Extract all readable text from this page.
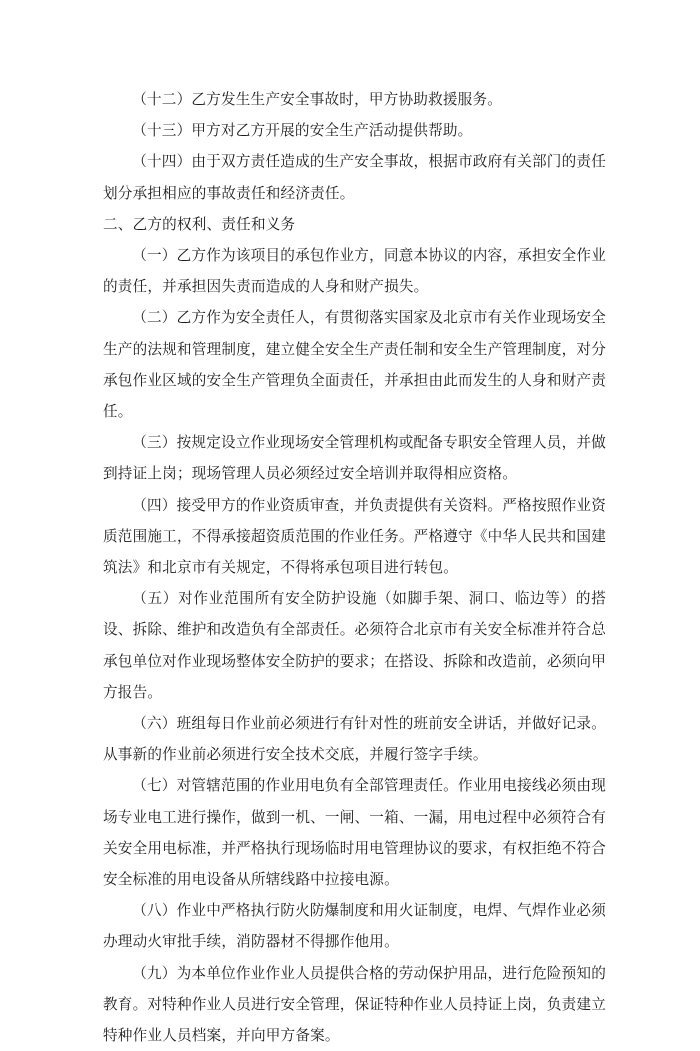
（十二）乙方发生生产安全事故时，甲方协助救援服务。

（十三）甲方对乙方开展的安全生产活动提供帮助。

（十四）由于双方责任造成的生产安全事故，根据市政府有关部门的责任划分承担相应的事故责任和经济责任。

二、乙方的权利、责任和义务

（一）乙方作为该项目的承包作业方，同意本协议的内容，承担安全作业的责任，并承担因失责而造成的人身和财产损失。

（二）乙方作为安全责任人，有贯彻落实国家及北京市有关作业现场安全生产的法规和管理制度，建立健全安全生产责任制和安全生产管理制度，对分承包作业区域的安全生产管理负全面责任，并承担由此而发生的人身和财产责任。

（三）按规定设立作业现场安全管理机构或配备专职安全管理人员，并做到持证上岗；现场管理人员必须经过安全培训并取得相应资格。

（四）接受甲方的作业资质审查，并负责提供有关资料。严格按照作业资质范围施工，不得承接超资质范围的作业任务。严格遵守《中华人民共和国建筑法》和北京市有关规定，不得将承包项目进行转包。

（五）对作业范围所有安全防护设施（如脚手架、洞口、临边等）的搭设、拆除、维护和改造负有全部责任。必须符合北京市有关安全标准并符合总承包单位对作业现场整体安全防护的要求；在搭设、拆除和改造前，必须向甲方报告。

（六）班组每日作业前必须进行有针对性的班前安全讲话，并做好记录。从事新的作业前必须进行安全技术交底，并履行签字手续。

（七）对管辖范围的作业用电负有全部管理责任。作业用电接线必须由现场专业电工进行操作，做到一机、一闸、一箱、一漏，用电过程中必须符合有关安全用电标准，并严格执行现场临时用电管理协议的要求，有权拒绝不符合安全标准的用电设备从所辖线路中拉接电源。

（八）作业中严格执行防火防爆制度和用火证制度，电焊、气焊作业必须办理动火审批手续，消防器材不得挪作他用。

（九）为本单位作业作业人员提供合格的劳动保护用品，进行危险预知的教育。对特种作业人员进行安全管理，保证特种作业人员持证上岗，负责建立特种作业人员档案，并向甲方备案。
